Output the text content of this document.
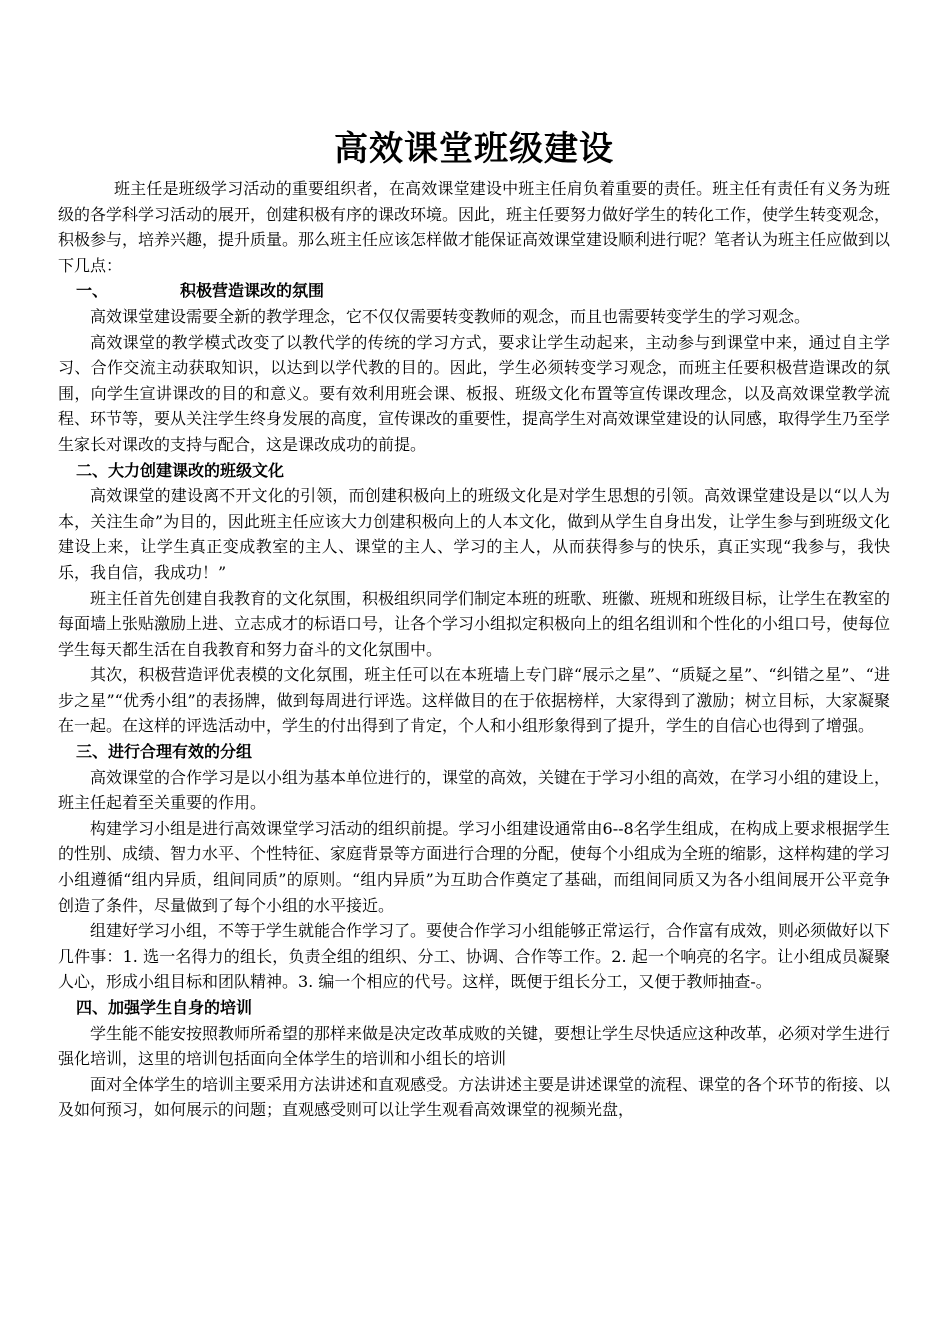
高效课堂班级建设

班主任是班级学习活动的重要组织者，在高效课堂建设中班主任肩负着重要的责任。班主任有责任有义务为班级的各学科学习活动的展开，创建积极有序的课改环境。因此，班主任要努力做好学生的转化工作，使学生转变观念，积极参与，培养兴趣，提升质量。那么班主任应该怎样做才能保证高效课堂建设顺利进行呢？笔者认为班主任应做到以下几点：

一、	积极营造课改的氛围

高效课堂建设需要全新的教学理念，它不仅仅需要转变教师的观念，而且也需要转变学生的学习观念。

高效课堂的教学模式改变了以教代学的传统的学习方式，要求让学生动起来，主动参与到课堂中来，通过自主学习、合作交流主动获取知识，以达到以学代教的目的。因此，学生必须转变学习观念，而班主任要积极营造课改的氛围，向学生宣讲课改的目的和意义。要有效利用班会课、板报、班级文化布置等宣传课改理念，以及高效课堂教学流程、环节等，要从关注学生终身发展的高度，宣传课改的重要性，提高学生对高效课堂建设的认同感，取得学生乃至学生家长对课改的支持与配合，这是课改成功的前提。

二、大力创建课改的班级文化

高效课堂的建设离不开文化的引领，而创建积极向上的班级文化是对学生思想的引领。高效课堂建设是以“以人为本，关注生命”为目的，因此班主任应该大力创建积极向上的人本文化，做到从学生自身出发，让学生参与到班级文化建设上来，让学生真正变成教室的主人、课堂的主人、学习的主人，从而获得参与的快乐，真正实现“我参与，我快乐，我自信，我成功！”

班主任首先创建自我教育的文化氛围，积极组织同学们制定本班的班歌、班徽、班规和班级目标，让学生在教室的每面墙上张贴激励上进、立志成才的标语口号，让各个学习小组拟定积极向上的组名组训和个性化的小组口号，使每位学生每天都生活在自我教育和努力奋斗的文化氛围中。

其次，积极营造评优表模的文化氛围，班主任可以在本班墙上专门辟“展示之星”、“质疑之星”、“纠错之星”、“进步之星”“优秀小组”的表扬牌，做到每周进行评选。这样做目的在于依据榜样，大家得到了激励；树立目标，大家凝聚在一起。在这样的评选活动中，学生的付出得到了肯定，个人和小组形象得到了提升，学生的自信心也得到了增强。

三、进行合理有效的分组

高效课堂的合作学习是以小组为基本单位进行的，课堂的高效，关键在于学习小组的高效，在学习小组的建设上，班主任起着至关重要的作用。

构建学习小组是进行高效课堂学习活动的组织前提。学习小组建设通常由6--8名学生组成，在构成上要求根据学生的性别、成绩、智力水平、个性特征、家庭背景等方面进行合理的分配，使每个小组成为全班的缩影，这样构建的学习小组遵循“组内异质，组间同质”的原则。“组内异质”为互助合作奠定了基础，而组间同质又为各小组间展开公平竞争创造了条件，尽量做到了每个小组的水平接近。

组建好学习小组，不等于学生就能合作学习了。要使合作学习小组能够正常运行，合作富有成效，则必须做好以下几件事：1. 选一名得力的组长，负责全组的组织、分工、协调、合作等工作。2. 起一个响亮的名字。让小组成员凝聚人心，形成小组目标和团队精神。3. 编一个相应的代号。这样，既便于组长分工，又便于教师抽查-。

四、加强学生自身的培训

学生能不能安按照教师所希望的那样来做是决定改革成败的关键，要想让学生尽快适应这种改革，必须对学生进行强化培训，这里的培训包括面向全体学生的培训和小组长的培训

面对全体学生的培训主要采用方法讲述和直观感受。方法讲述主要是讲述课堂的流程、课堂的各个环节的衔接、以及如何预习，如何展示的问题；直观感受则可以让学生观看高效课堂的视频光盘，
